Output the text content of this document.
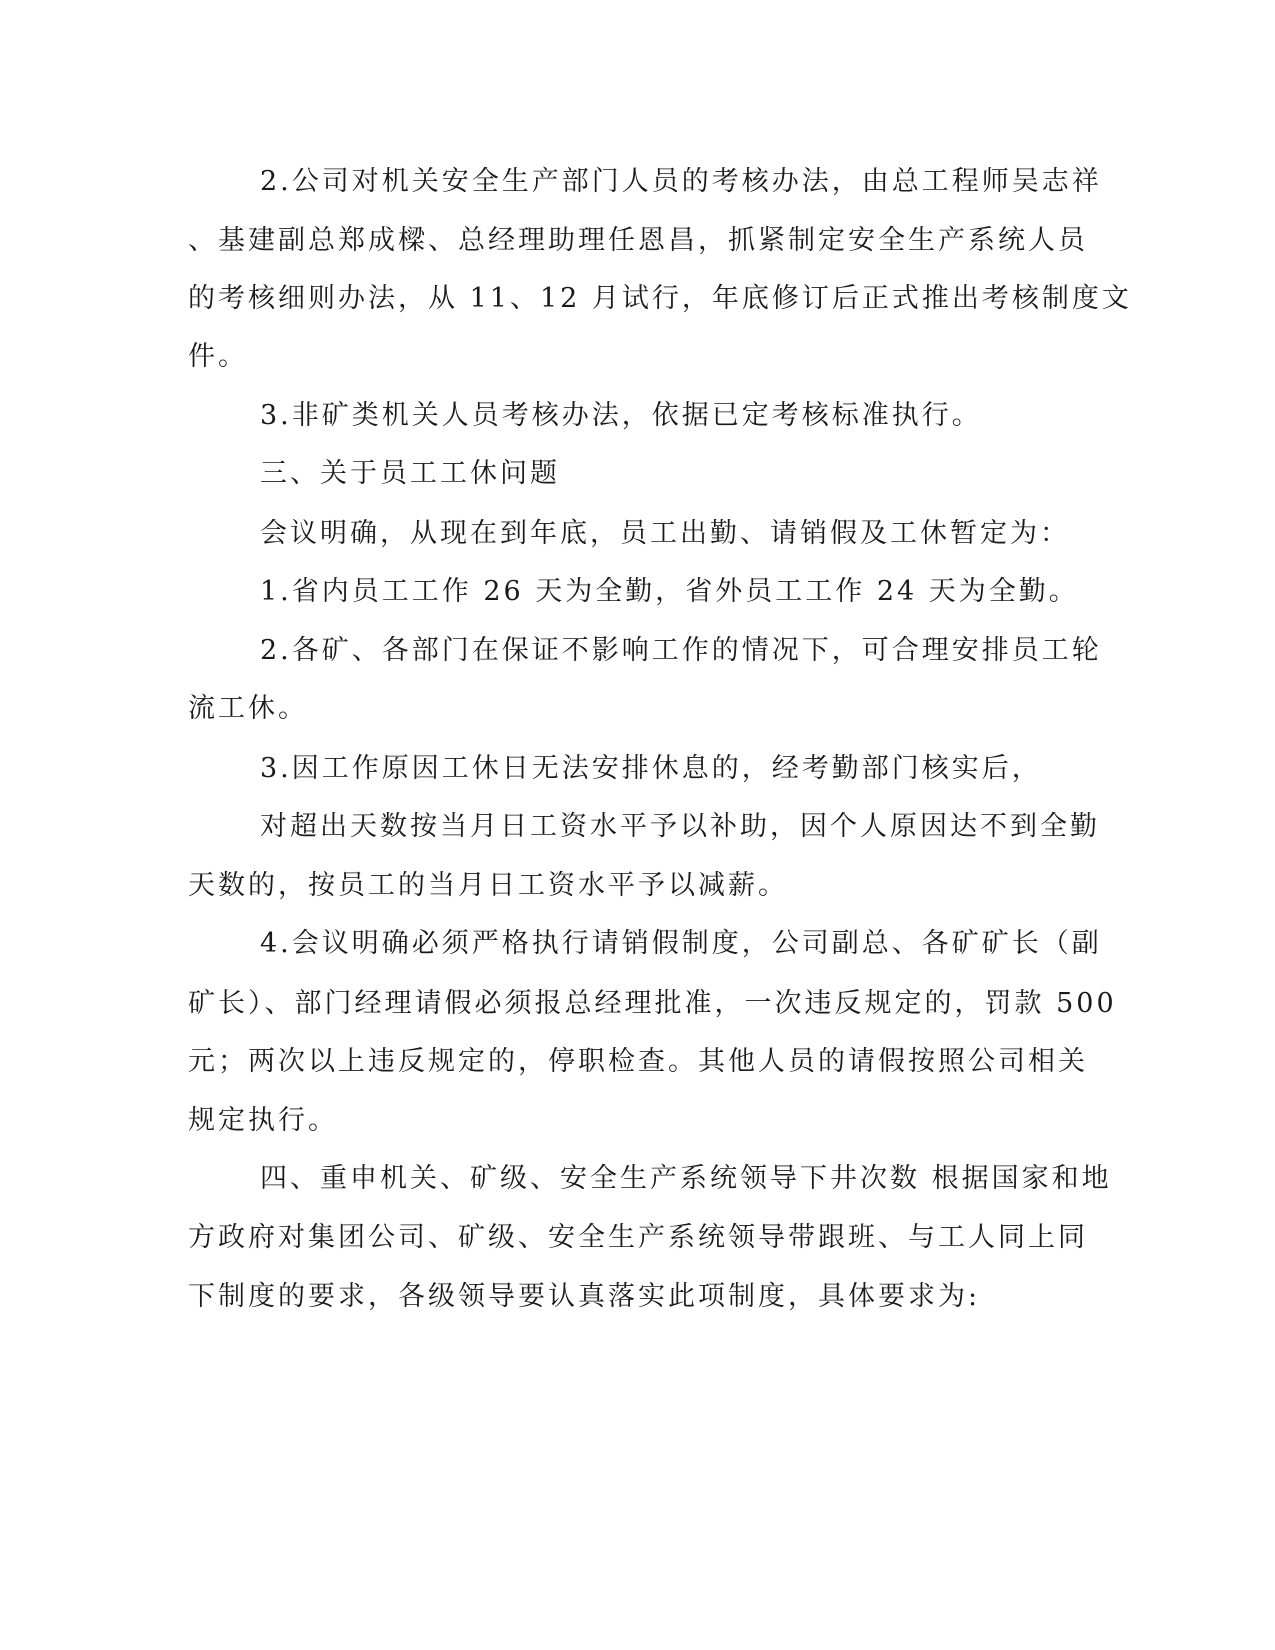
2.公司对机关安全生产部门人员的考核办法，由总工程师吴志祥
、基建副总郑成樑、总经理助理任恩昌，抓紧制定安全生产系统人员
的考核细则办法，从 11、12 月试行，年底修订后正式推出考核制度文
件。
3.非矿类机关人员考核办法，依据已定考核标准执行。
三、关于员工工休问题
会议明确，从现在到年底，员工出勤、请销假及工休暂定为：
1.省内员工工作 26 天为全勤，省外员工工作 24 天为全勤。
2.各矿、各部门在保证不影响工作的情况下，可合理安排员工轮
流工休。
3.因工作原因工休日无法安排休息的，经考勤部门核实后，
对超出天数按当月日工资水平予以补助，因个人原因达不到全勤
天数的，按员工的当月日工资水平予以减薪。
4.会议明确必须严格执行请销假制度，公司副总、各矿矿长（副
矿长）、部门经理请假必须报总经理批准，一次违反规定的，罚款 500
元；两次以上违反规定的，停职检查。其他人员的请假按照公司相关
规定执行。
四、重申机关、矿级、安全生产系统领导下井次数 根据国家和地
方政府对集团公司、矿级、安全生产系统领导带跟班、与工人同上同
下制度的要求，各级领导要认真落实此项制度，具体要求为:
